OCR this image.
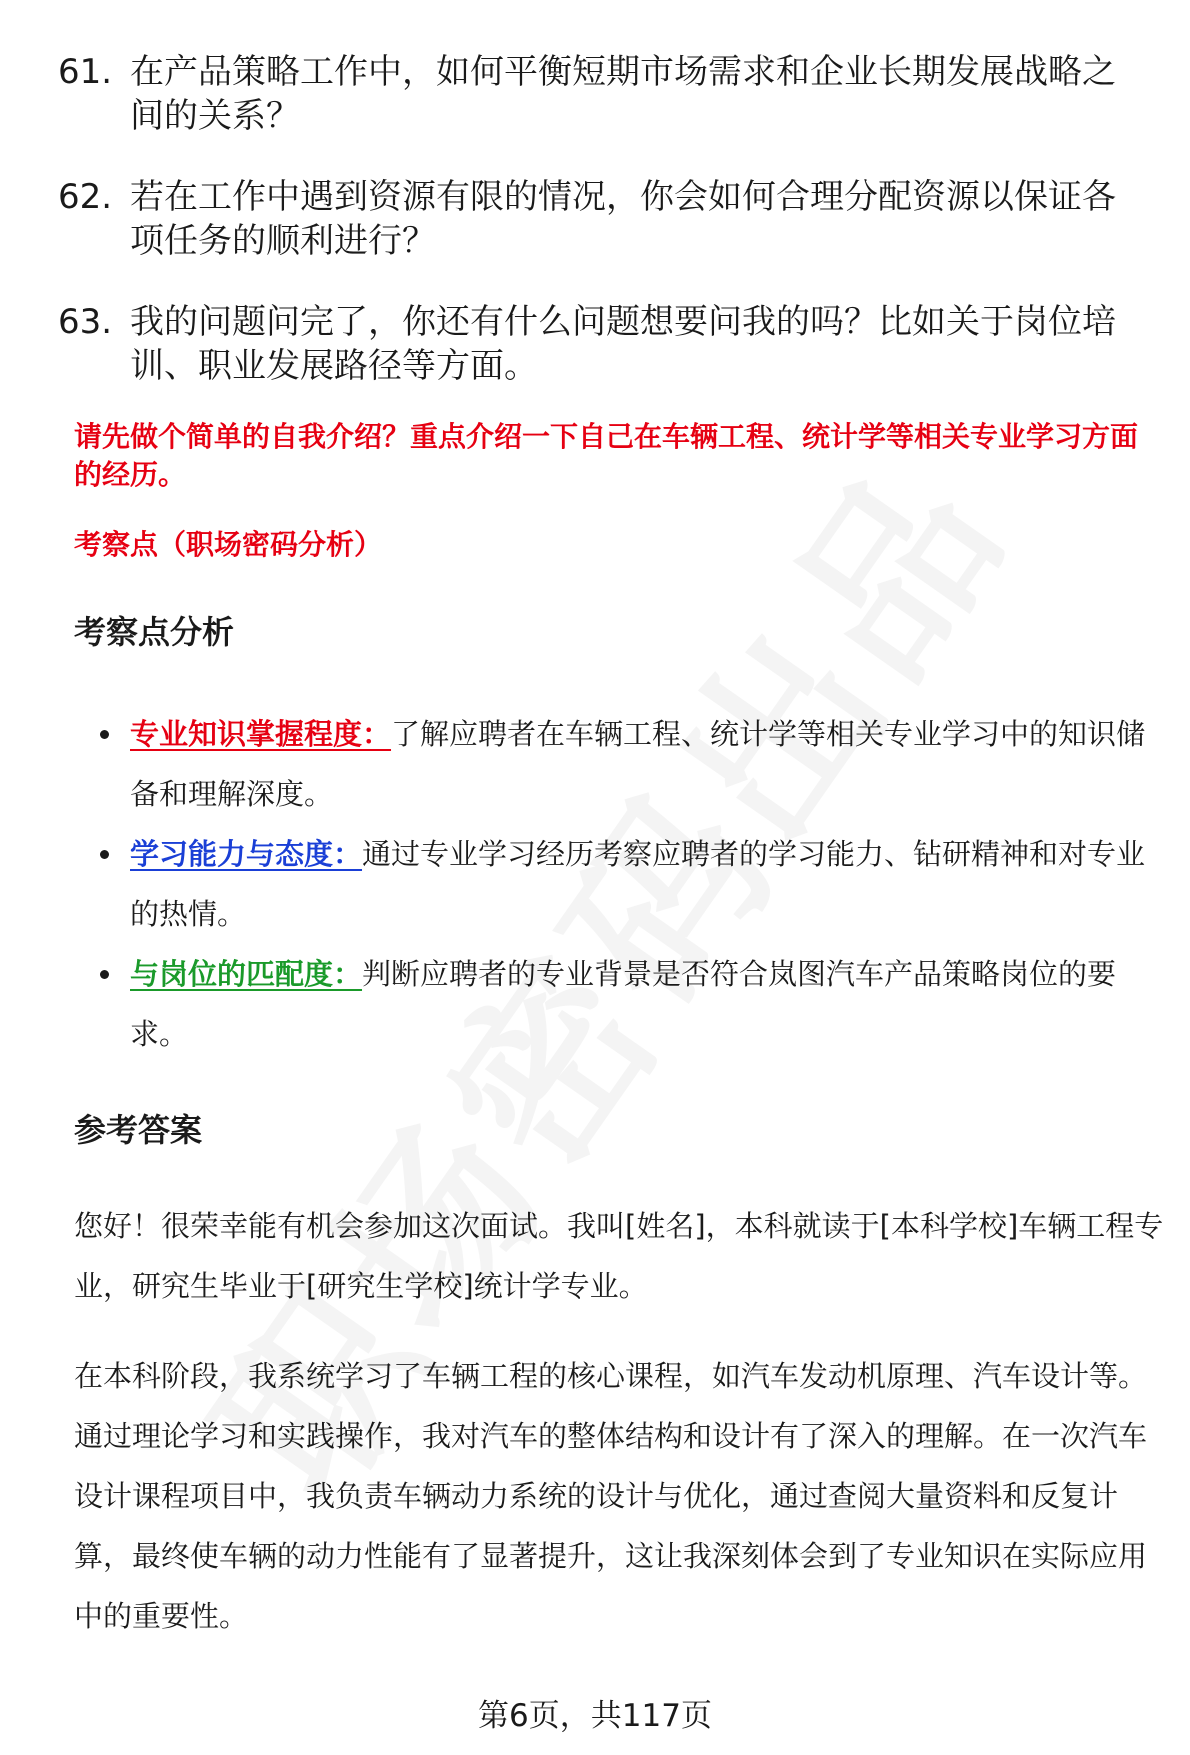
61. 在产品策略工作中，如何平衡短期市场需求和企业长期发展战略之间的关系？
62. 若在工作中遇到资源有限的情况，你会如何合理分配资源以保证各项任务的顺利进行？
63. 我的问题问完了，你还有什么问题想要问我的吗？比如关于岗位培训、职业发展路径等方面。
请先做个简单的自我介绍？重点介绍一下自己在车辆工程、统计学等相关专业学习方面的经历。
考察点（职场密码分析）
考察点分析
专业知识掌握程度：了解应聘者在车辆工程、统计学等相关专业学习中的知识储备和理解深度。
学习能力与态度：通过专业学习经历考察应聘者的学习能力、钻研精神和对专业的热情。
与岗位的匹配度：判断应聘者的专业背景是否符合岚图汽车产品策略岗位的要求。
参考答案
您好！很荣幸能有机会参加这次面试。我叫[姓名]，本科就读于[本科学校]车辆工程专业，研究生毕业于[研究生学校]统计学专业。
在本科阶段，我系统学习了车辆工程的核心课程，如汽车发动机原理、汽车设计等。通过理论学习和实践操作，我对汽车的整体结构和设计有了深入的理解。在一次汽车设计课程项目中，我负责车辆动力系统的设计与优化，通过查阅大量资料和反复计算，最终使车辆的动力性能有了显著提升，这让我深刻体会到了专业知识在实际应用中的重要性。
第6页，共117页
